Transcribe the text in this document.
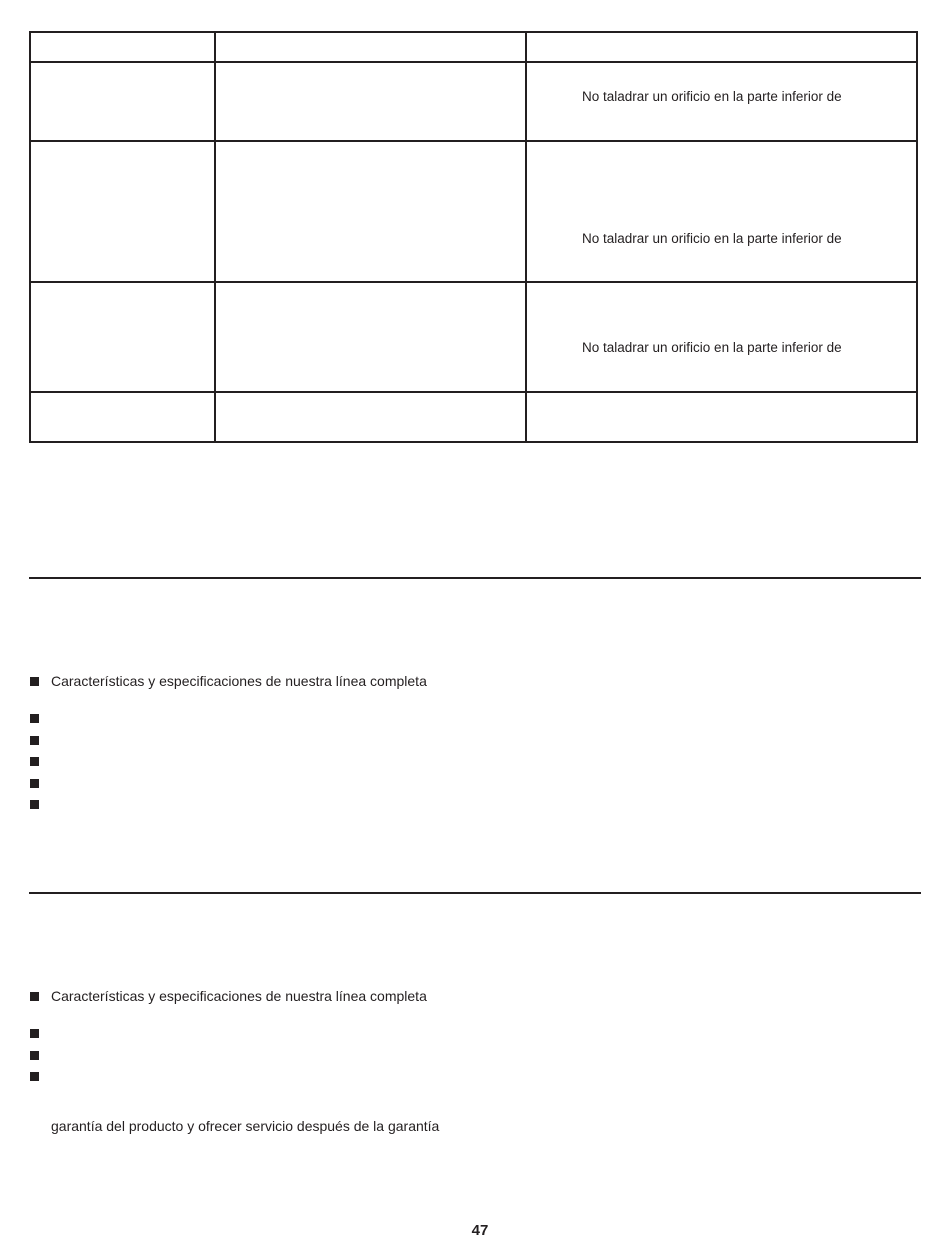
No taladrar un orificio en la parte inferior de
No taladrar un orificio en la parte inferior de
No taladrar un orificio en la parte inferior de
Características y especificaciones de nuestra línea completa
Características y especificaciones de nuestra línea completa
garantía del producto y ofrecer servicio después de la garantía
47
